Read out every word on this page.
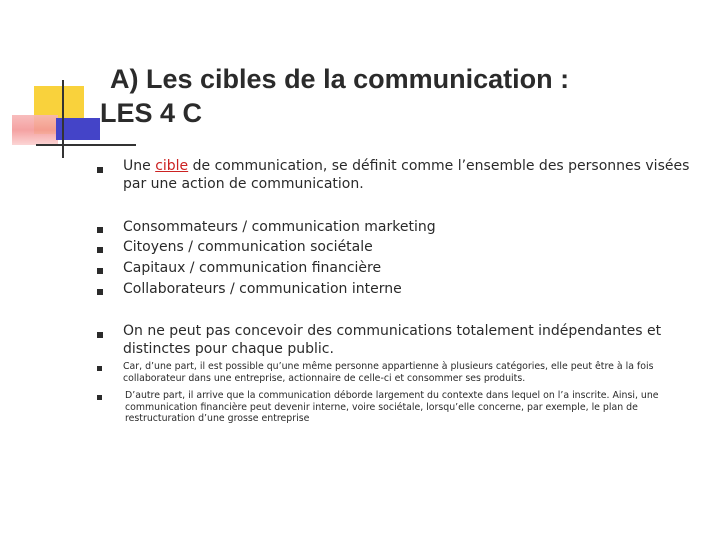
A) Les cibles de la communication :
LES 4 C
Une cible de communication, se définit comme l’ensemble des personnes visées par une action de communication.
Consommateurs / communication marketing
Citoyens / communication sociétale
Capitaux / communication financière
Collaborateurs / communication interne
On ne peut pas concevoir des communications totalement indépendantes et distinctes pour chaque public.
Car, d’une part, il est possible qu’une même personne appartienne à plusieurs catégories, elle peut être à la fois collaborateur dans une entreprise, actionnaire de celle-ci et consommer ses produits.
D’autre part, il arrive que la communication déborde largement du contexte dans lequel on l’a inscrite. Ainsi, une communication financière peut devenir interne, voire sociétale, lorsqu’elle concerne, par exemple, le plan de restructuration d’une grosse entreprise
